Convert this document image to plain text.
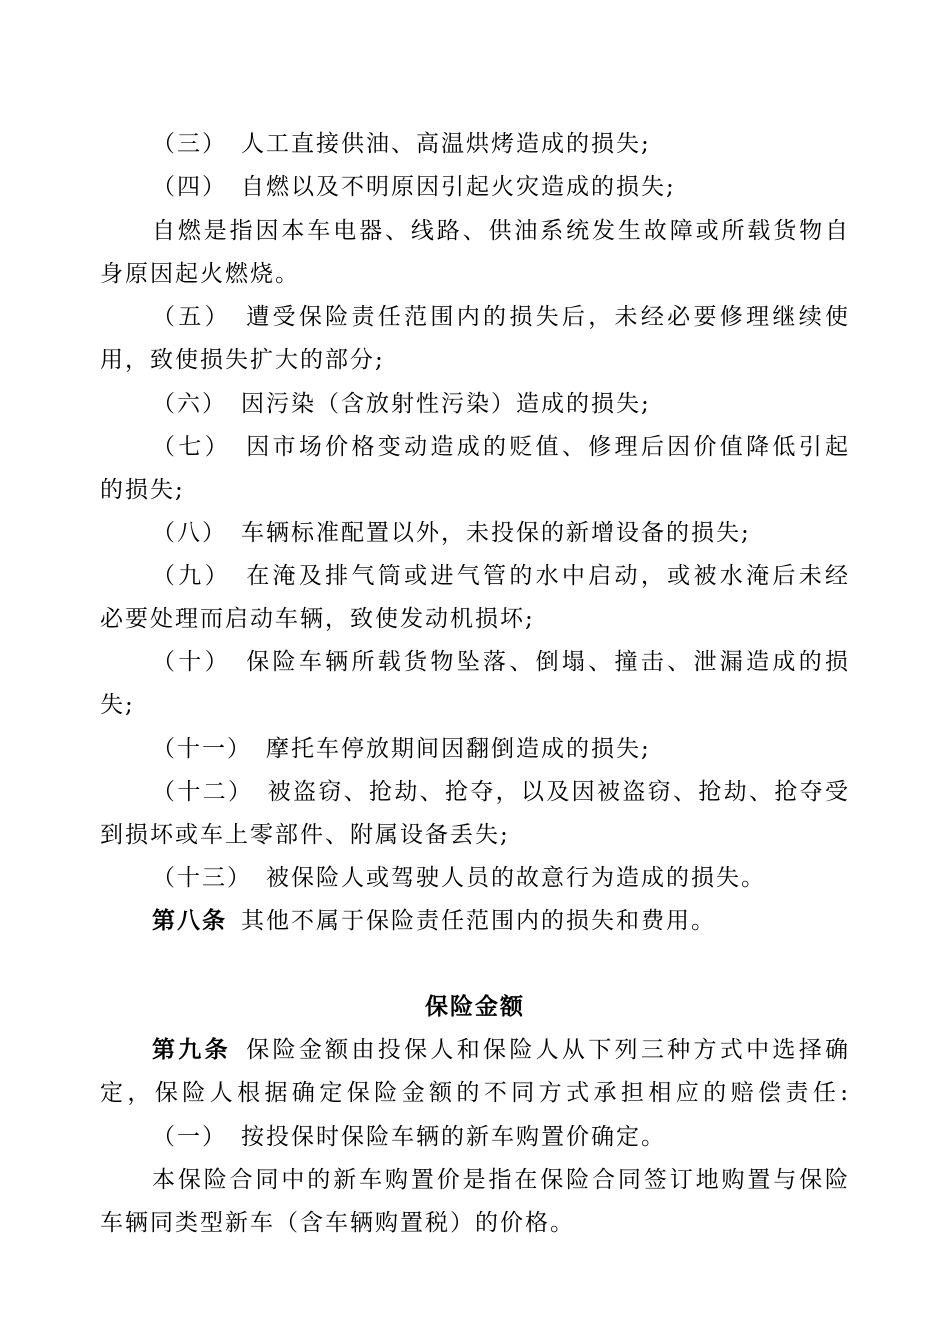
（三） 人工直接供油、高温烘烤造成的损失;
（四） 自燃以及不明原因引起火灾造成的损失;
自燃是指因本车电器、线路、供油系统发生故障或所载货物自
身原因起火燃烧。
（五） 遭受保险责任范围内的损失后，未经必要修理继续使
用，致使损失扩大的部分;
（六） 因污染（含放射性污染）造成的损失;
（七） 因市场价格变动造成的贬值、修理后因价值降低引起
的损失;
（八） 车辆标准配置以外，未投保的新增设备的损失;
（九） 在淹及排气筒或进气管的水中启动，或被水淹后未经
必要处理而启动车辆，致使发动机损坏;
（十） 保险车辆所载货物坠落、倒塌、撞击、泄漏造成的损
失;
（十一） 摩托车停放期间因翻倒造成的损失;
（十二） 被盗窃、抢劫、抢夺，以及因被盗窃、抢劫、抢夺受
到损坏或车上零部件、附属设备丢失;
（十三） 被保险人或驾驶人员的故意行为造成的损失。
第八条 其他不属于保险责任范围内的损失和费用。
保险金额
第九条 保险金额由投保人和保险人从下列三种方式中选择确
定，保险人根据确定保险金额的不同方式承担相应的赔偿责任:
（一） 按投保时保险车辆的新车购置价确定。
本保险合同中的新车购置价是指在保险合同签订地购置与保险
车辆同类型新车（含车辆购置税）的价格。
